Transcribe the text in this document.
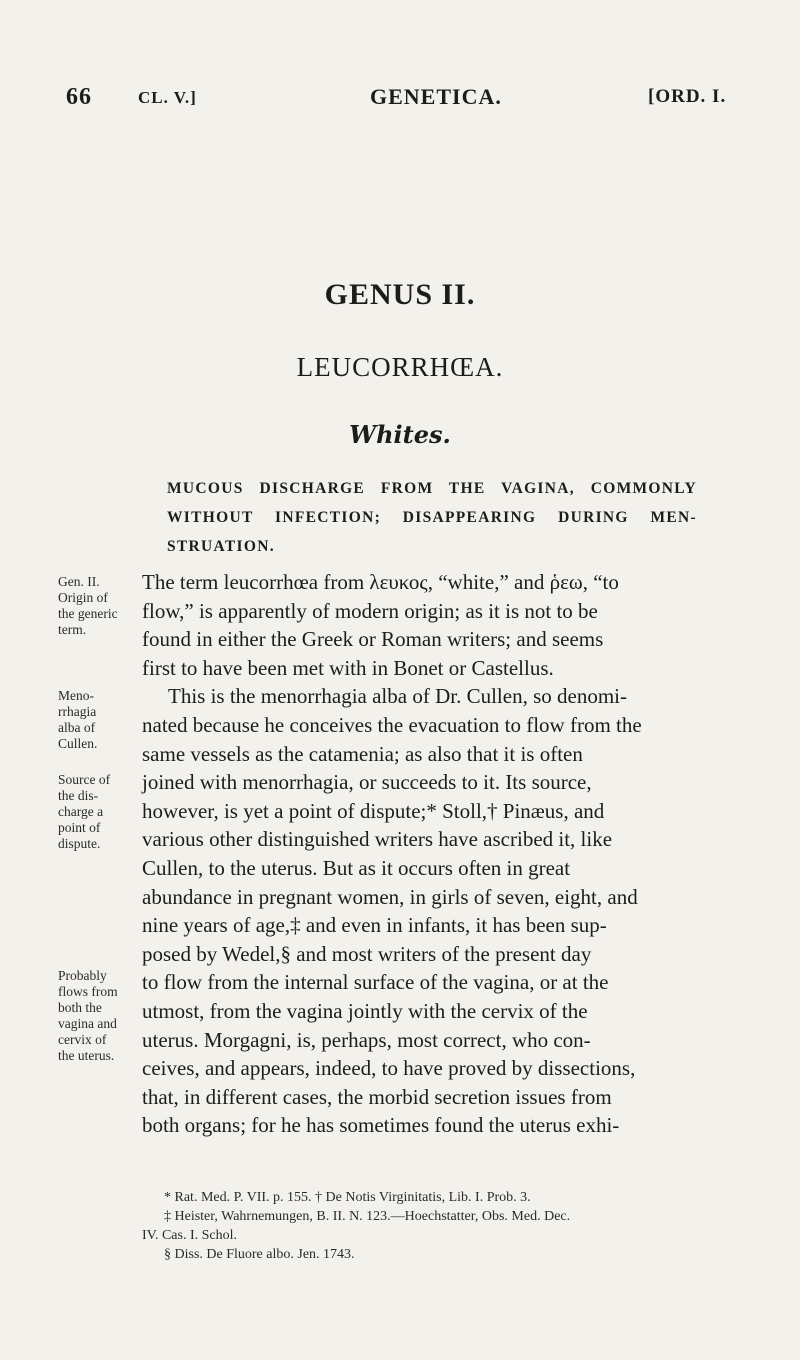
66	CL. V.]	GENETICA.	[ORD. I.
GENUS II.
LEUCORRHŒA.
Whites.
MUCOUS DISCHARGE FROM THE VAGINA, COMMONLY WITHOUT INFECTION; DISAPPEARING DURING MEN-STRUATION.
Gen. II.
Origin of
the generic
term.
Meno-
rrhagia
alba of
Cullen.
Source of
the dis-
charge a
point of
dispute.
Probably
flows from
both the
vagina and
cervix of
the uterus.
The term leucorrhœa from λευκος, “white,” and ῥεω, “to
flow,” is apparently of modern origin; as it is not to be
found in either the Greek or Roman writers; and seems
first to have been met with in Bonet or Castellus.
This is the menorrhagia alba of Dr. Cullen, so denomi-
nated because he conceives the evacuation to flow from the
same vessels as the catamenia; as also that it is often
joined with menorrhagia, or succeeds to it. Its source,
however, is yet a point of dispute;* Stoll,† Pinæus, and
various other distinguished writers have ascribed it, like
Cullen, to the uterus. But as it occurs often in great
abundance in pregnant women, in girls of seven, eight, and
nine years of age,‡ and even in infants, it has been sup-
posed by Wedel,§ and most writers of the present day
to flow from the internal surface of the vagina, or at the
utmost, from the vagina jointly with the cervix of the
uterus. Morgagni, is, perhaps, most correct, who con-
ceives, and appears, indeed, to have proved by dissections,
that, in different cases, the morbid secretion issues from
both organs; for he has sometimes found the uterus exhi-
* Rat. Med. P. VII. p. 155. † De Notis Virginitatis, Lib. I. Prob. 3.
‡ Heister, Wahrnemungen, B. II. N. 123.—Hoechstatter, Obs. Med. Dec.
IV. Cas. I. Schol.
§ Diss. De Fluore albo. Jen. 1743.
